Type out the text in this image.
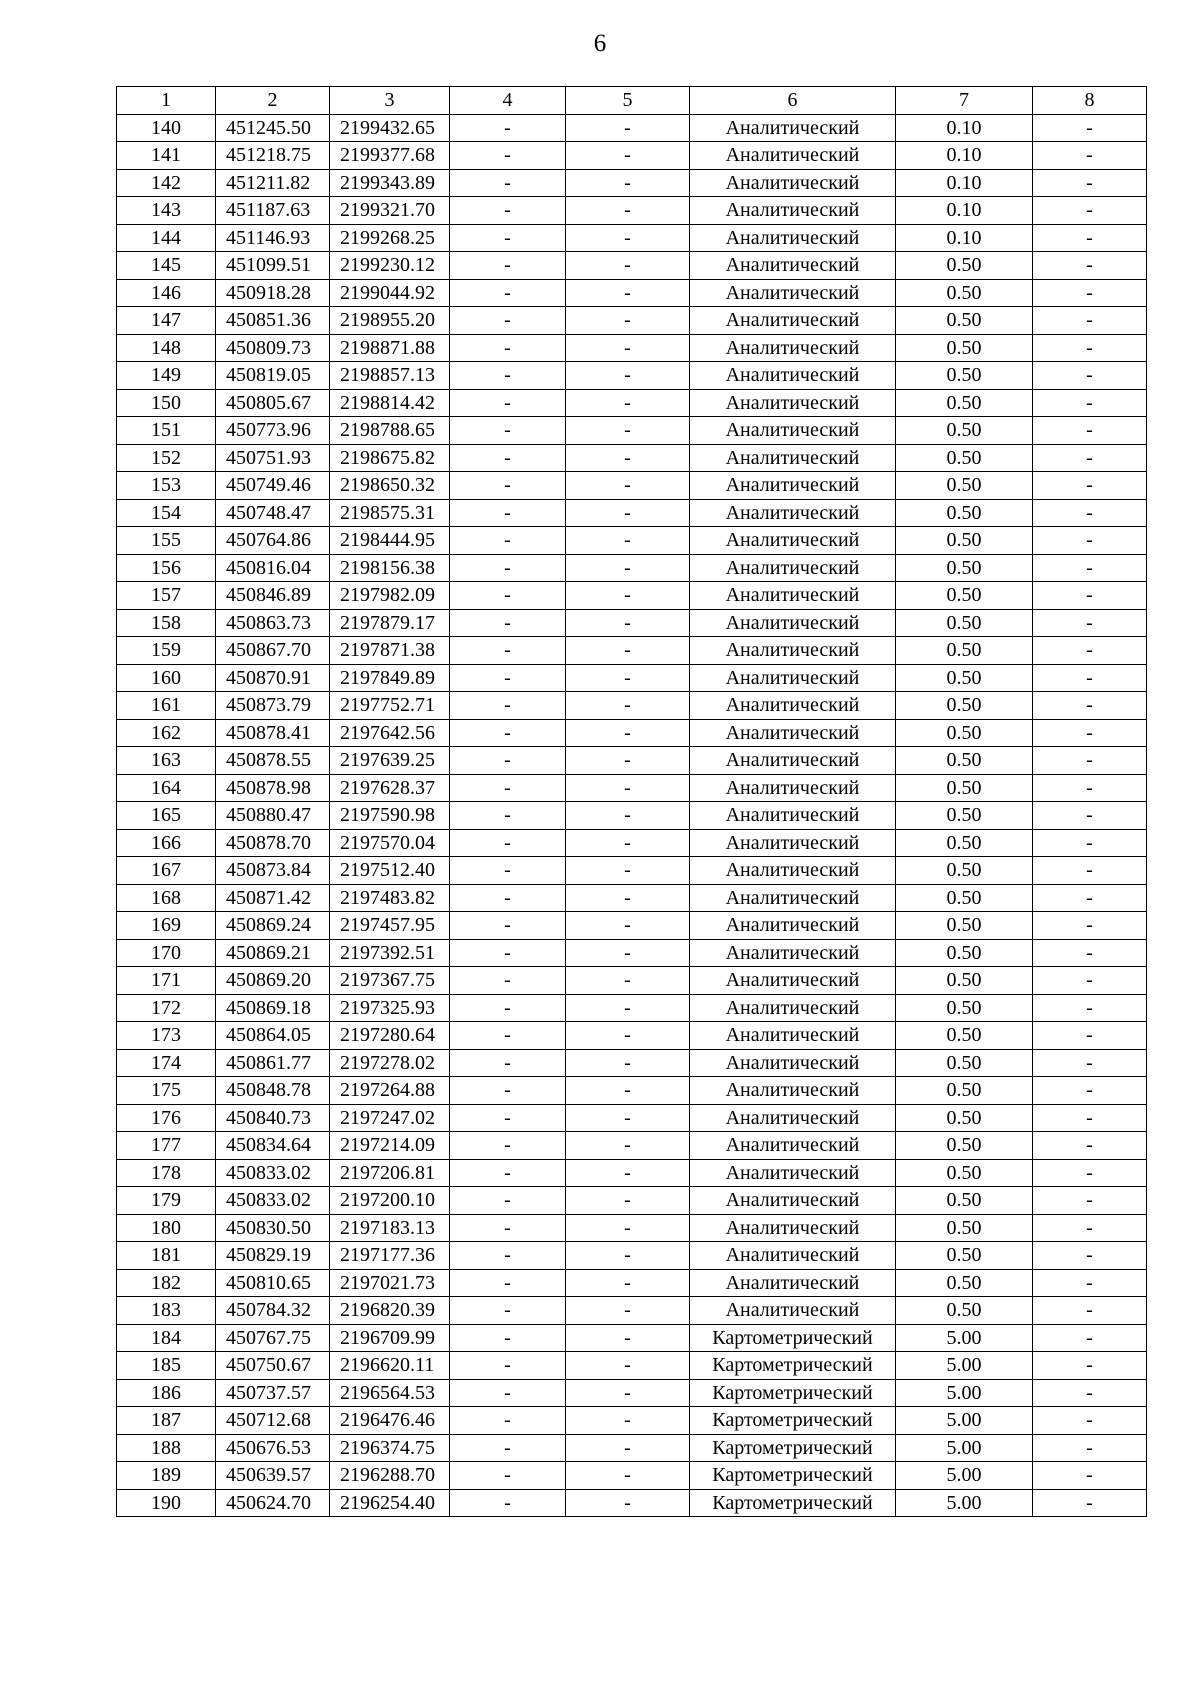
6
1	2	3	4	5	6	7	8
140	451245.50	2199432.65	-	-	Аналитический	0.10	-
141	451218.75	2199377.68	-	-	Аналитический	0.10	-
142	451211.82	2199343.89	-	-	Аналитический	0.10	-
143	451187.63	2199321.70	-	-	Аналитический	0.10	-
144	451146.93	2199268.25	-	-	Аналитический	0.10	-
145	451099.51	2199230.12	-	-	Аналитический	0.50	-
146	450918.28	2199044.92	-	-	Аналитический	0.50	-
147	450851.36	2198955.20	-	-	Аналитический	0.50	-
148	450809.73	2198871.88	-	-	Аналитический	0.50	-
149	450819.05	2198857.13	-	-	Аналитический	0.50	-
150	450805.67	2198814.42	-	-	Аналитический	0.50	-
151	450773.96	2198788.65	-	-	Аналитический	0.50	-
152	450751.93	2198675.82	-	-	Аналитический	0.50	-
153	450749.46	2198650.32	-	-	Аналитический	0.50	-
154	450748.47	2198575.31	-	-	Аналитический	0.50	-
155	450764.86	2198444.95	-	-	Аналитический	0.50	-
156	450816.04	2198156.38	-	-	Аналитический	0.50	-
157	450846.89	2197982.09	-	-	Аналитический	0.50	-
158	450863.73	2197879.17	-	-	Аналитический	0.50	-
159	450867.70	2197871.38	-	-	Аналитический	0.50	-
160	450870.91	2197849.89	-	-	Аналитический	0.50	-
161	450873.79	2197752.71	-	-	Аналитический	0.50	-
162	450878.41	2197642.56	-	-	Аналитический	0.50	-
163	450878.55	2197639.25	-	-	Аналитический	0.50	-
164	450878.98	2197628.37	-	-	Аналитический	0.50	-
165	450880.47	2197590.98	-	-	Аналитический	0.50	-
166	450878.70	2197570.04	-	-	Аналитический	0.50	-
167	450873.84	2197512.40	-	-	Аналитический	0.50	-
168	450871.42	2197483.82	-	-	Аналитический	0.50	-
169	450869.24	2197457.95	-	-	Аналитический	0.50	-
170	450869.21	2197392.51	-	-	Аналитический	0.50	-
171	450869.20	2197367.75	-	-	Аналитический	0.50	-
172	450869.18	2197325.93	-	-	Аналитический	0.50	-
173	450864.05	2197280.64	-	-	Аналитический	0.50	-
174	450861.77	2197278.02	-	-	Аналитический	0.50	-
175	450848.78	2197264.88	-	-	Аналитический	0.50	-
176	450840.73	2197247.02	-	-	Аналитический	0.50	-
177	450834.64	2197214.09	-	-	Аналитический	0.50	-
178	450833.02	2197206.81	-	-	Аналитический	0.50	-
179	450833.02	2197200.10	-	-	Аналитический	0.50	-
180	450830.50	2197183.13	-	-	Аналитический	0.50	-
181	450829.19	2197177.36	-	-	Аналитический	0.50	-
182	450810.65	2197021.73	-	-	Аналитический	0.50	-
183	450784.32	2196820.39	-	-	Аналитический	0.50	-
184	450767.75	2196709.99	-	-	Картометрический	5.00	-
185	450750.67	2196620.11	-	-	Картометрический	5.00	-
186	450737.57	2196564.53	-	-	Картометрический	5.00	-
187	450712.68	2196476.46	-	-	Картометрический	5.00	-
188	450676.53	2196374.75	-	-	Картометрический	5.00	-
189	450639.57	2196288.70	-	-	Картометрический	5.00	-
190	450624.70	2196254.40	-	-	Картометрический	5.00	-
